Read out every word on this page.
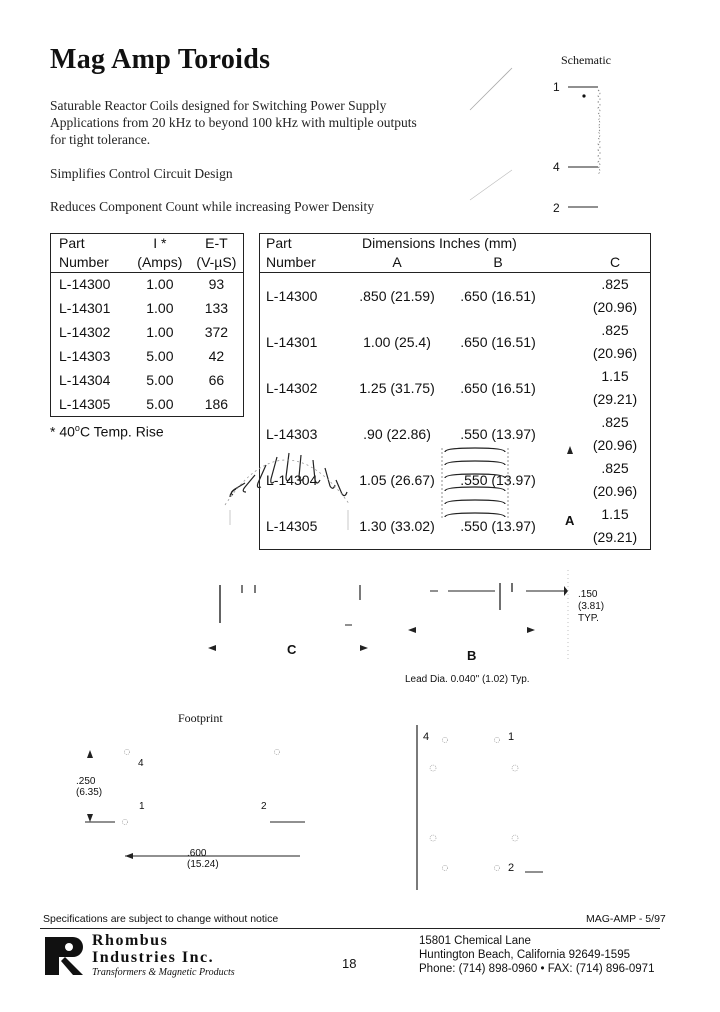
Mag Amp Toroids
Saturable Reactor Coils designed for Switching Power Supply Applications from 20 kHz to beyond 100 kHz with multiple outputs for tight tolerance.
Simplifies Control Circuit Design
Reduces Component Count while increasing Power Density
Schematic
1
4
2
Part	I *	E-T
Number	(Amps)	(V-µS)
L-14300	1.00	93
L-14301	1.00	133
L-14302	1.00	372
L-14303	5.00	42
L-14304	5.00	66
L-14305	5.00	186
Part	Dimensions Inches (mm)		
Number	A	B	C
L-14300	.850 (21.59)	.650 (16.51)	.825 (20.96)
L-14301	1.00 (25.4)	.650 (16.51)	.825 (20.96)
L-14302	1.25 (31.75)	.650 (16.51)	1.15 (29.21)
L-14303	.90 (22.86)	.550 (13.97)	.825 (20.96)
L-14304	1.05 (26.67)	.550 (13.97)	.825 (20.96)
L-14305	1.30 (33.02)	.550 (13.97)	1.15 (29.21)
* 40$^o$C Temp. Rise
C
A
B
.150
(3.81)
TYP.
Lead Dia. 0.040" (1.02) Typ.
Footprint
4
1	2
.250
(6.35)
.600
(15.24)
4	1
2
Specifications are subject to change without notice	MAG-AMP - 5/97
Rhombus
Industries Inc.
Transformers & Magnetic Products
18
15801 Chemical Lane
Huntington Beach, California 92649-1595
Phone: (714) 898-0960 • FAX: (714) 896-0971
